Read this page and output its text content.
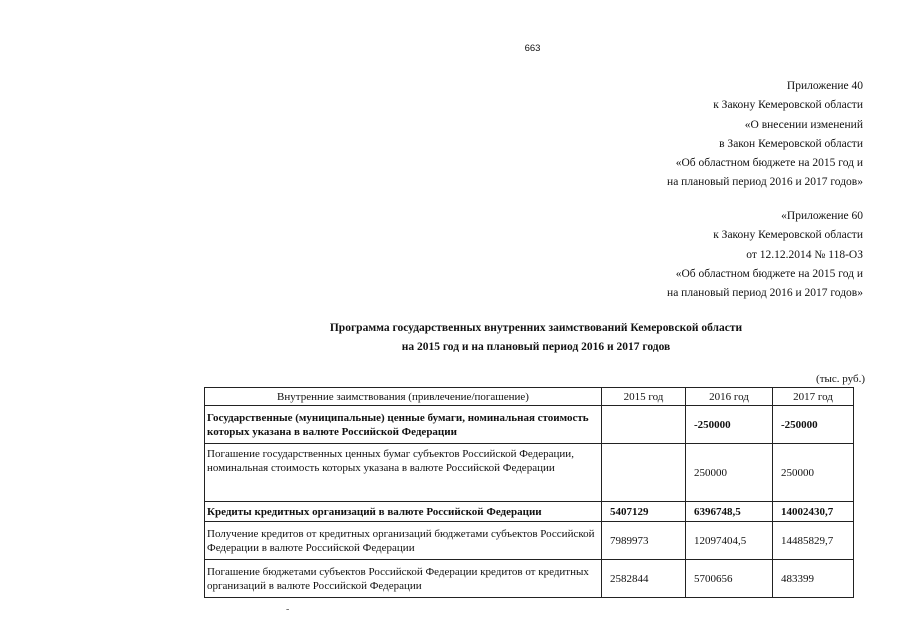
663
Приложение 40
к Закону Кемеровской области
«О внесении изменений
в Закон Кемеровской области
«Об областном бюджете на 2015 год и
на плановый период 2016 и 2017 годов»
«Приложение 60
к Закону Кемеровской области
от 12.12.2014 № 118-ОЗ
«Об областном бюджете на 2015 год и
на плановый период 2016 и 2017 годов»
Программа государственных внутренних заимствований Кемеровской области
на 2015 год и на плановый период 2016 и 2017 годов
(тыс. руб.)
Внутренние заимствования (привлечение/погашение)	2015 год	2016 год	2017 год
Государственные (муниципальные) ценные бумаги, номинальная стоимость которых указана в валюте Российской Федерации		-250000	-250000
Погашение государственных ценных бумаг субъектов Российской Федерации, номинальная стоимость которых указана в валюте Российской Федерации		250000	250000
Кредиты кредитных организаций в валюте Российской Федерации	5407129	6396748,5	14002430,7
Получение кредитов от кредитных организаций бюджетами субъектов Российской Федерации в валюте Российской Федерации	7989973	12097404,5	14485829,7
Погашение бюджетами субъектов Российской Федерации кредитов от кредитных организаций в валюте Российской Федерации	2582844	5700656	483399
-
